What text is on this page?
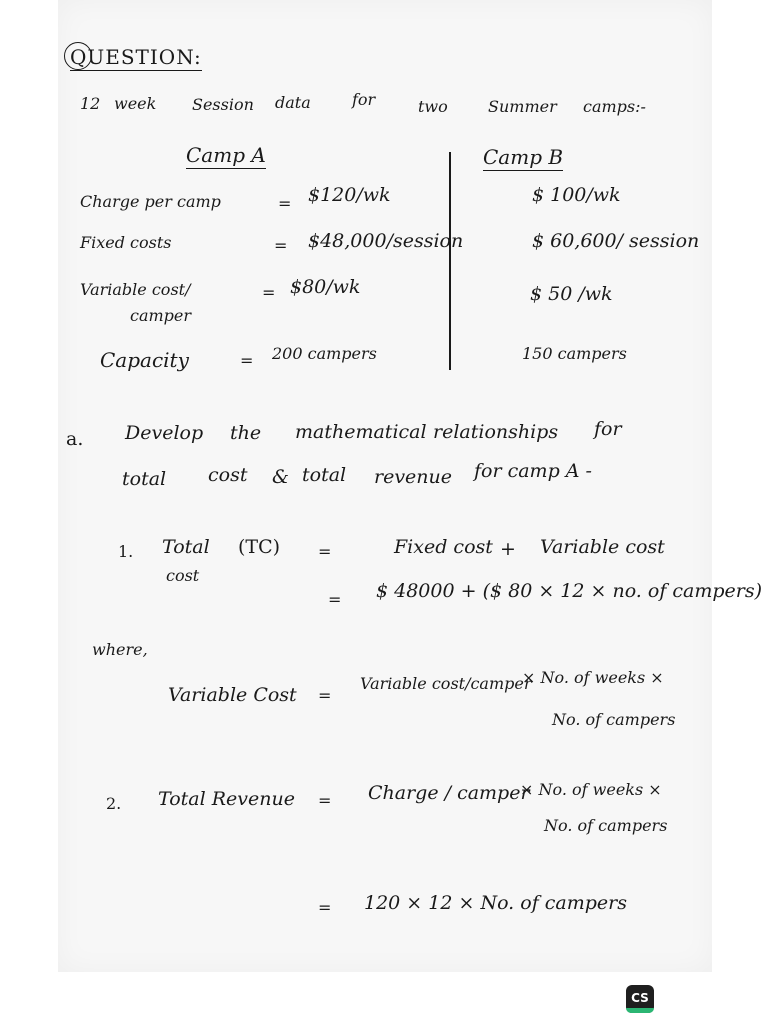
QUESTION:
12 week Session data	for	two	Summer camps:-
Camp A	Camp B
Charge per camp	= $120/wk	$ 100/wk
Fixed costs	= $48,000/session	$ 60,600/ session
Variable cost/
camper
= $80/wk	$ 50 /wk
Capacity	= 200 campers	150 campers
a. Develop the mathematical relationships for
total cost & total revenue for camp A -
1. Total (TC)
cost
=	Fixed cost + Variable cost
= $ 48000 + ($ 80 × 12 × no. of campers)
where,
Variable Cost =
Variable cost/camper
× No. of weeks ×
No. of campers
2. Total Revenue = Charge / camper
× No. of weeks ×
No. of campers
= 120 × 12 × No. of campers
CS
